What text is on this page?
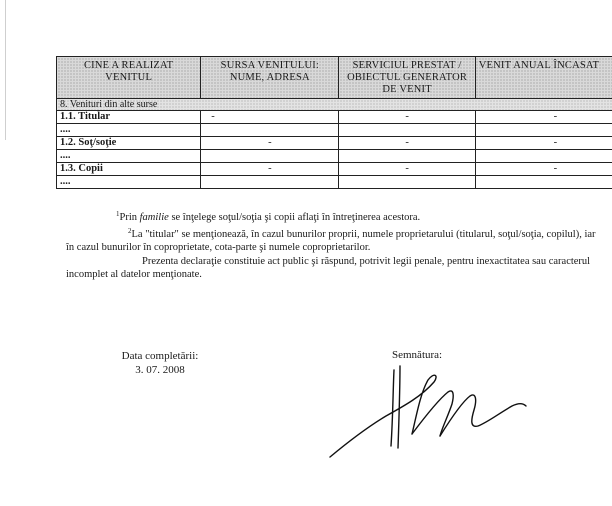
CINE A REALIZAT VENITUL	SURSA VENITULUI: NUME, ADRESA	SERVICIUL PRESTAT / OBIECTUL GENERATOR DE VENIT	VENIT ANUAL ÎNCASAT
8. Venituri din alte surse			
1.1. Titular	-	-	-
....			
1.2. Soţ/soţie	-	-	-
....			
1.3. Copii	-	-	-
....			

$^1$Prin familie se înţelege soţul/soţia şi copii aflaţi în întreţinerea acestora.

$^2$La "titular" se menţionează, în cazul bunurilor proprii, numele proprietarului (titularul, soţul/soţia, copilul), iar în cazul bunurilor în coproprietate, cota-parte şi numele coproprietarilor.

Prezenta declaraţie constituie act public şi răspund, potrivit legii penale, pentru inexactitatea sau caracterul incomplet al datelor menţionate.

Data completării:
3. 07. 2008
Semnătura:
